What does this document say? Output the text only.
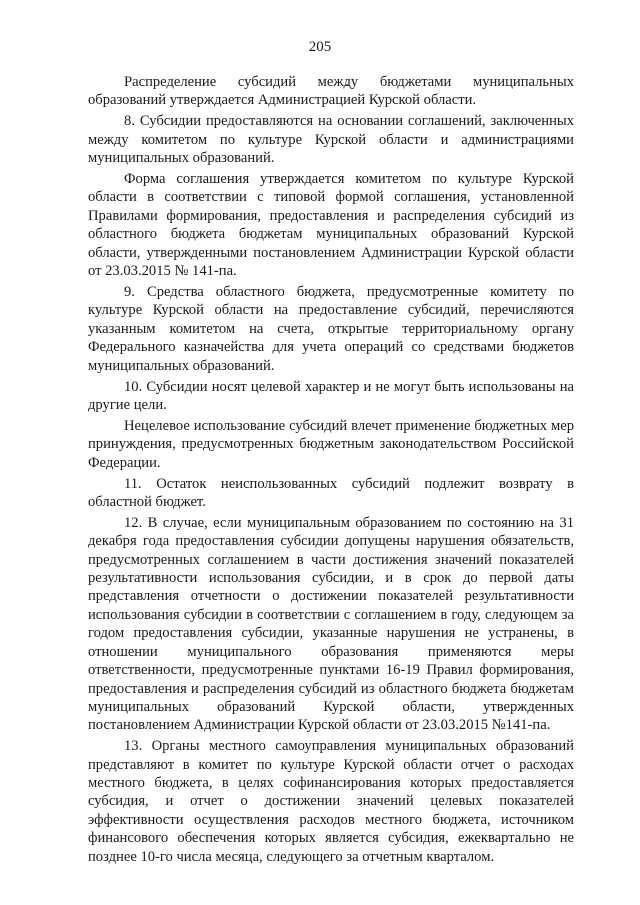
205

Распределение субсидий между бюджетами муниципальных образований утверждается Администрацией Курской области.

8. Субсидии предоставляются на основании соглашений, заключенных между комитетом по культуре Курской области и администрациями муниципальных образований.

Форма соглашения утверждается комитетом по культуре Курской области в соответствии с типовой формой соглашения, установленной Правилами формирования, предоставления и распределения субсидий из областного бюджета бюджетам муниципальных образований Курской области, утвержденными постановлением Администрации Курской области от 23.03.2015 № 141-па.

9. Средства областного бюджета, предусмотренные комитету по культуре Курской области на предоставление субсидий, перечисляются указанным комитетом на счета, открытые территориальному органу Федерального казначейства для учета операций со средствами бюджетов муниципальных образований.

10. Субсидии носят целевой характер и не могут быть использованы на другие цели.

Нецелевое использование субсидий влечет применение бюджетных мер принуждения, предусмотренных бюджетным законодательством Российской Федерации.

11. Остаток неиспользованных субсидий подлежит возврату в областной бюджет.

12. В случае, если муниципальным образованием по состоянию на 31 декабря года предоставления субсидии допущены нарушения обязательств, предусмотренных соглашением в части достижения значений показателей результативности использования субсидии, и в срок до первой даты представления отчетности о достижении показателей результативности использования субсидии в соответствии с соглашением в году, следующем за годом предоставления субсидии, указанные нарушения не устранены, в отношении муниципального образования применяются меры ответственности, предусмотренные пунктами 16-19 Правил формирования, предоставления и распределения субсидий из областного бюджета бюджетам муниципальных образований Курской области, утвержденных постановлением Администрации Курской области от 23.03.2015 №141-па.

13. Органы местного самоуправления муниципальных образований представляют в комитет по культуре Курской области отчет о расходах местного бюджета, в целях софинансирования которых предоставляется субсидия, и отчет о достижении значений целевых показателей эффективности осуществления расходов местного бюджета, источником финансового обеспечения которых является субсидия, ежеквартально не позднее 10-го числа месяца, следующего за отчетным кварталом.
